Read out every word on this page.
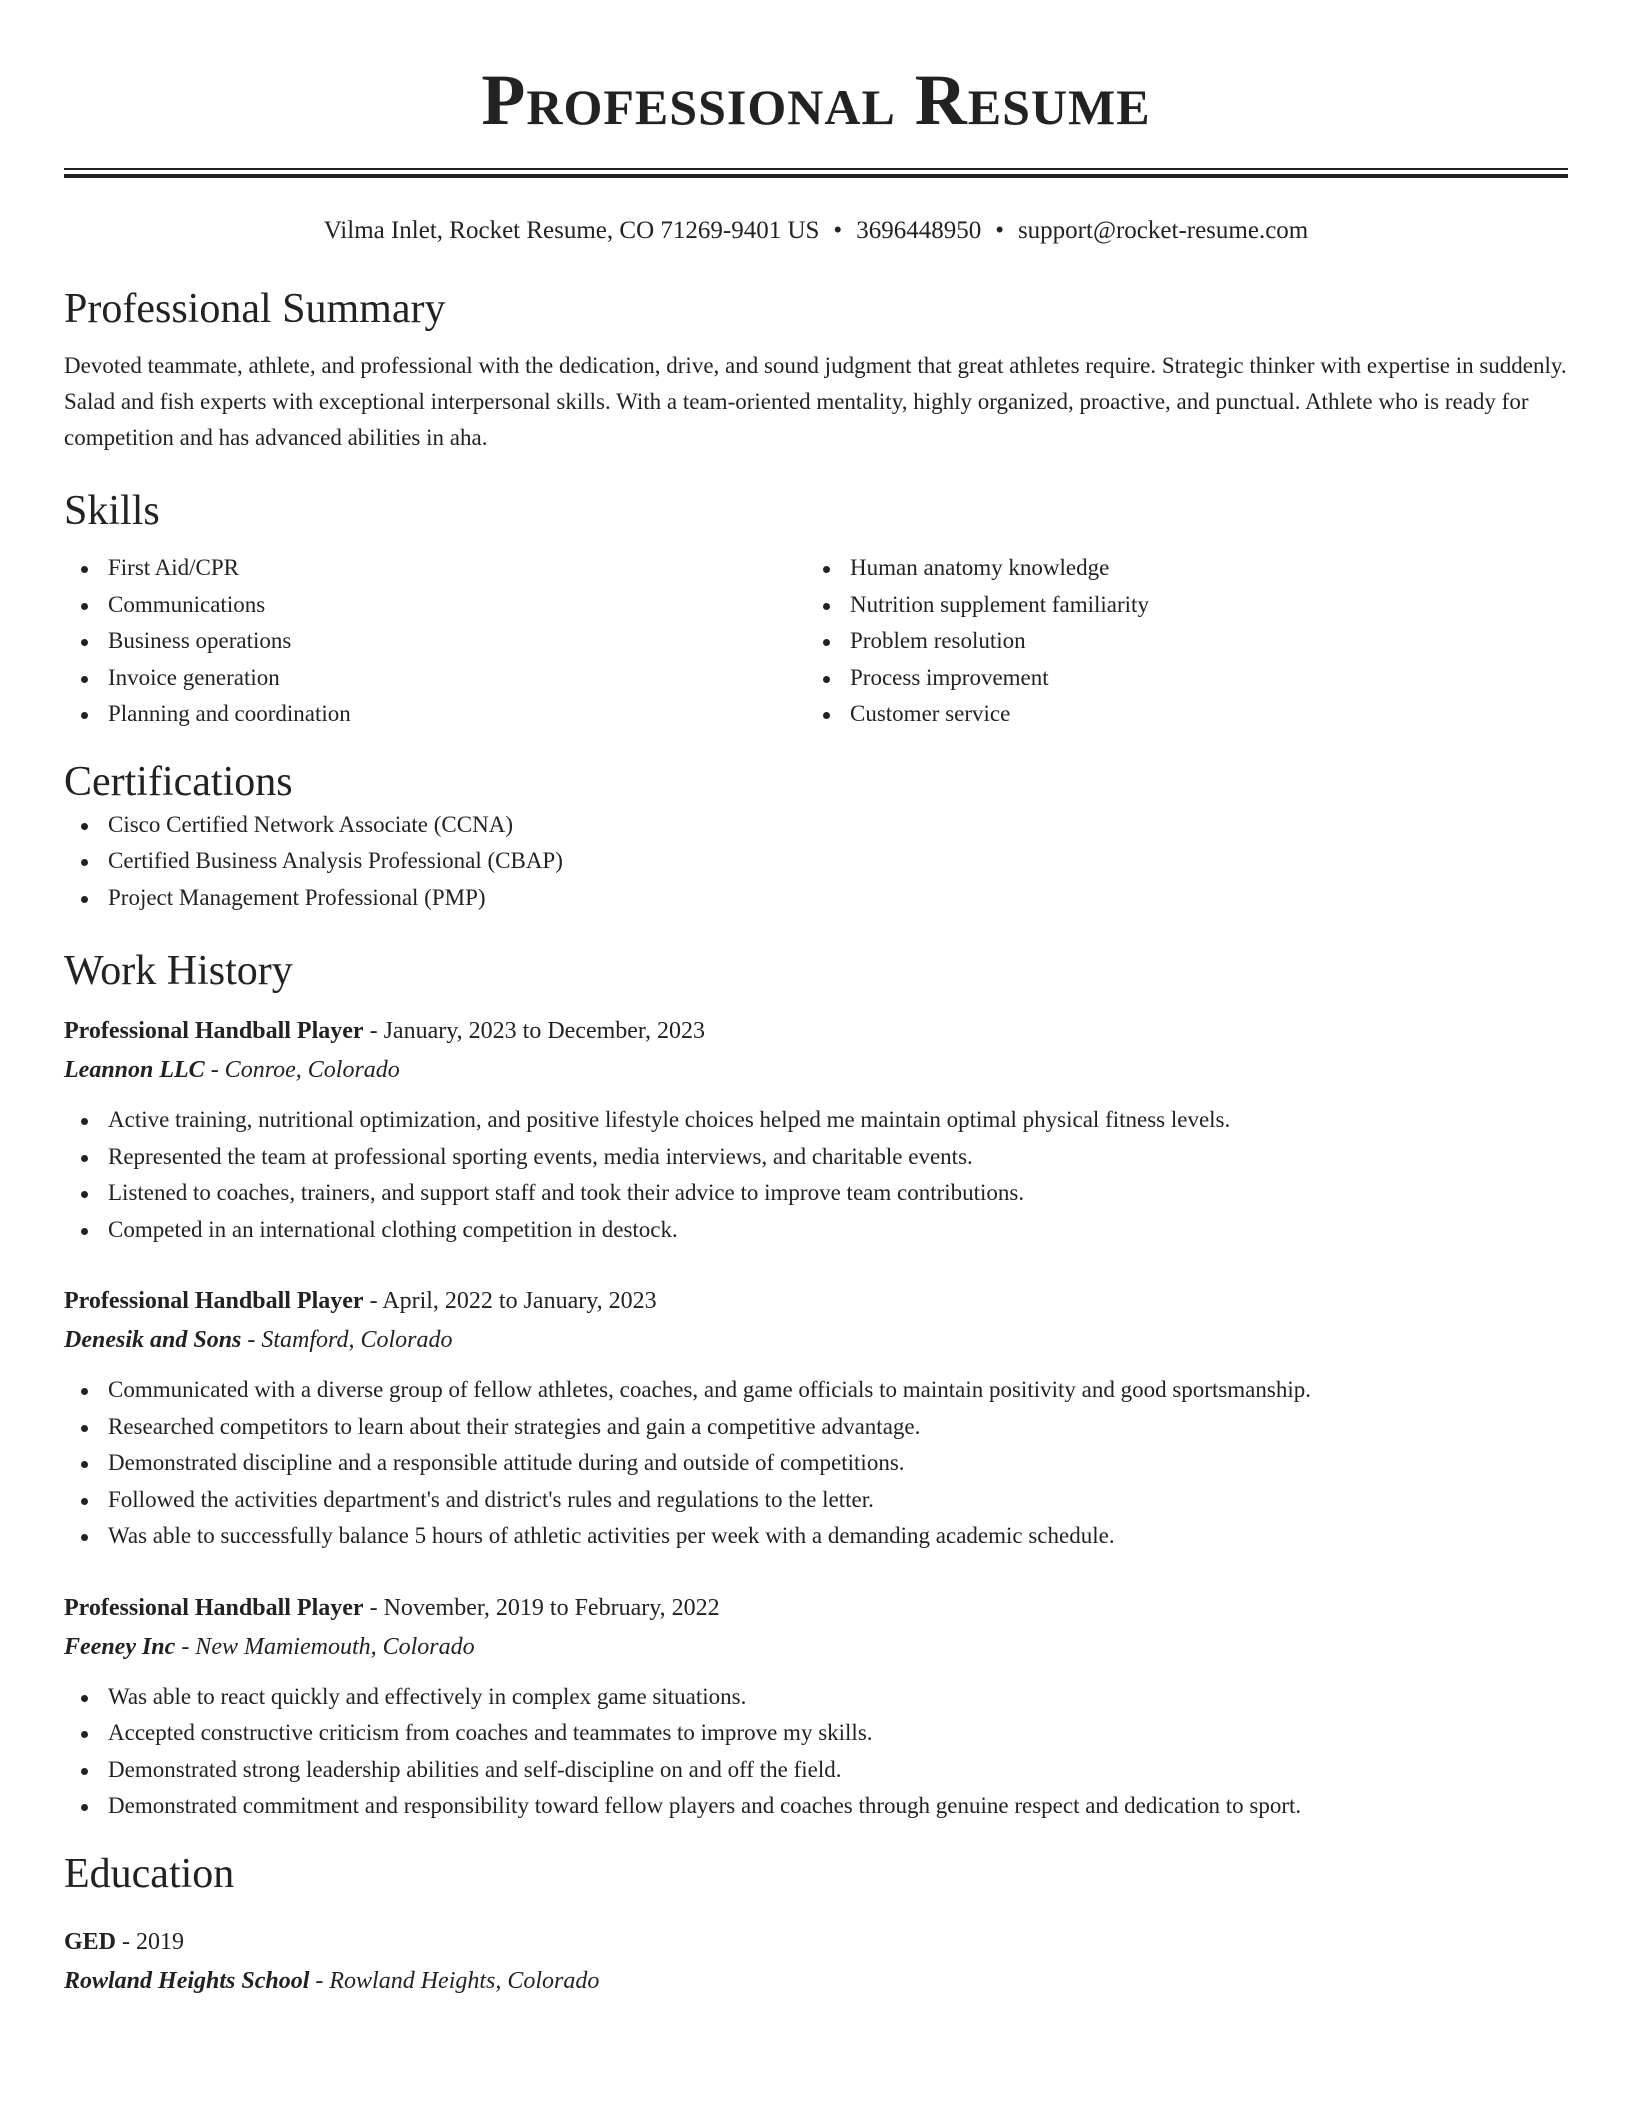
Professional Resume
Vilma Inlet, Rocket Resume, CO 71269-9401 US • 3696448950 • support@rocket-resume.com
Professional Summary
Devoted teammate, athlete, and professional with the dedication, drive, and sound judgment that great athletes require. Strategic thinker with expertise in suddenly. Salad and fish experts with exceptional interpersonal skills. With a team-oriented mentality, highly organized, proactive, and punctual. Athlete who is ready for competition and has advanced abilities in aha.
Skills
First Aid/CPR
Communications
Business operations
Invoice generation
Planning and coordination
Human anatomy knowledge
Nutrition supplement familiarity
Problem resolution
Process improvement
Customer service
Certifications
Cisco Certified Network Associate (CCNA)
Certified Business Analysis Professional (CBAP)
Project Management Professional (PMP)
Work History
Professional Handball Player - January, 2023 to December, 2023
Leannon LLC - Conroe, Colorado
Active training, nutritional optimization, and positive lifestyle choices helped me maintain optimal physical fitness levels.
Represented the team at professional sporting events, media interviews, and charitable events.
Listened to coaches, trainers, and support staff and took their advice to improve team contributions.
Competed in an international clothing competition in destock.
Professional Handball Player - April, 2022 to January, 2023
Denesik and Sons - Stamford, Colorado
Communicated with a diverse group of fellow athletes, coaches, and game officials to maintain positivity and good sportsmanship.
Researched competitors to learn about their strategies and gain a competitive advantage.
Demonstrated discipline and a responsible attitude during and outside of competitions.
Followed the activities department's and district's rules and regulations to the letter.
Was able to successfully balance 5 hours of athletic activities per week with a demanding academic schedule.
Professional Handball Player - November, 2019 to February, 2022
Feeney Inc - New Mamiemouth, Colorado
Was able to react quickly and effectively in complex game situations.
Accepted constructive criticism from coaches and teammates to improve my skills.
Demonstrated strong leadership abilities and self-discipline on and off the field.
Demonstrated commitment and responsibility toward fellow players and coaches through genuine respect and dedication to sport.
Education
GED - 2019
Rowland Heights School - Rowland Heights, Colorado
